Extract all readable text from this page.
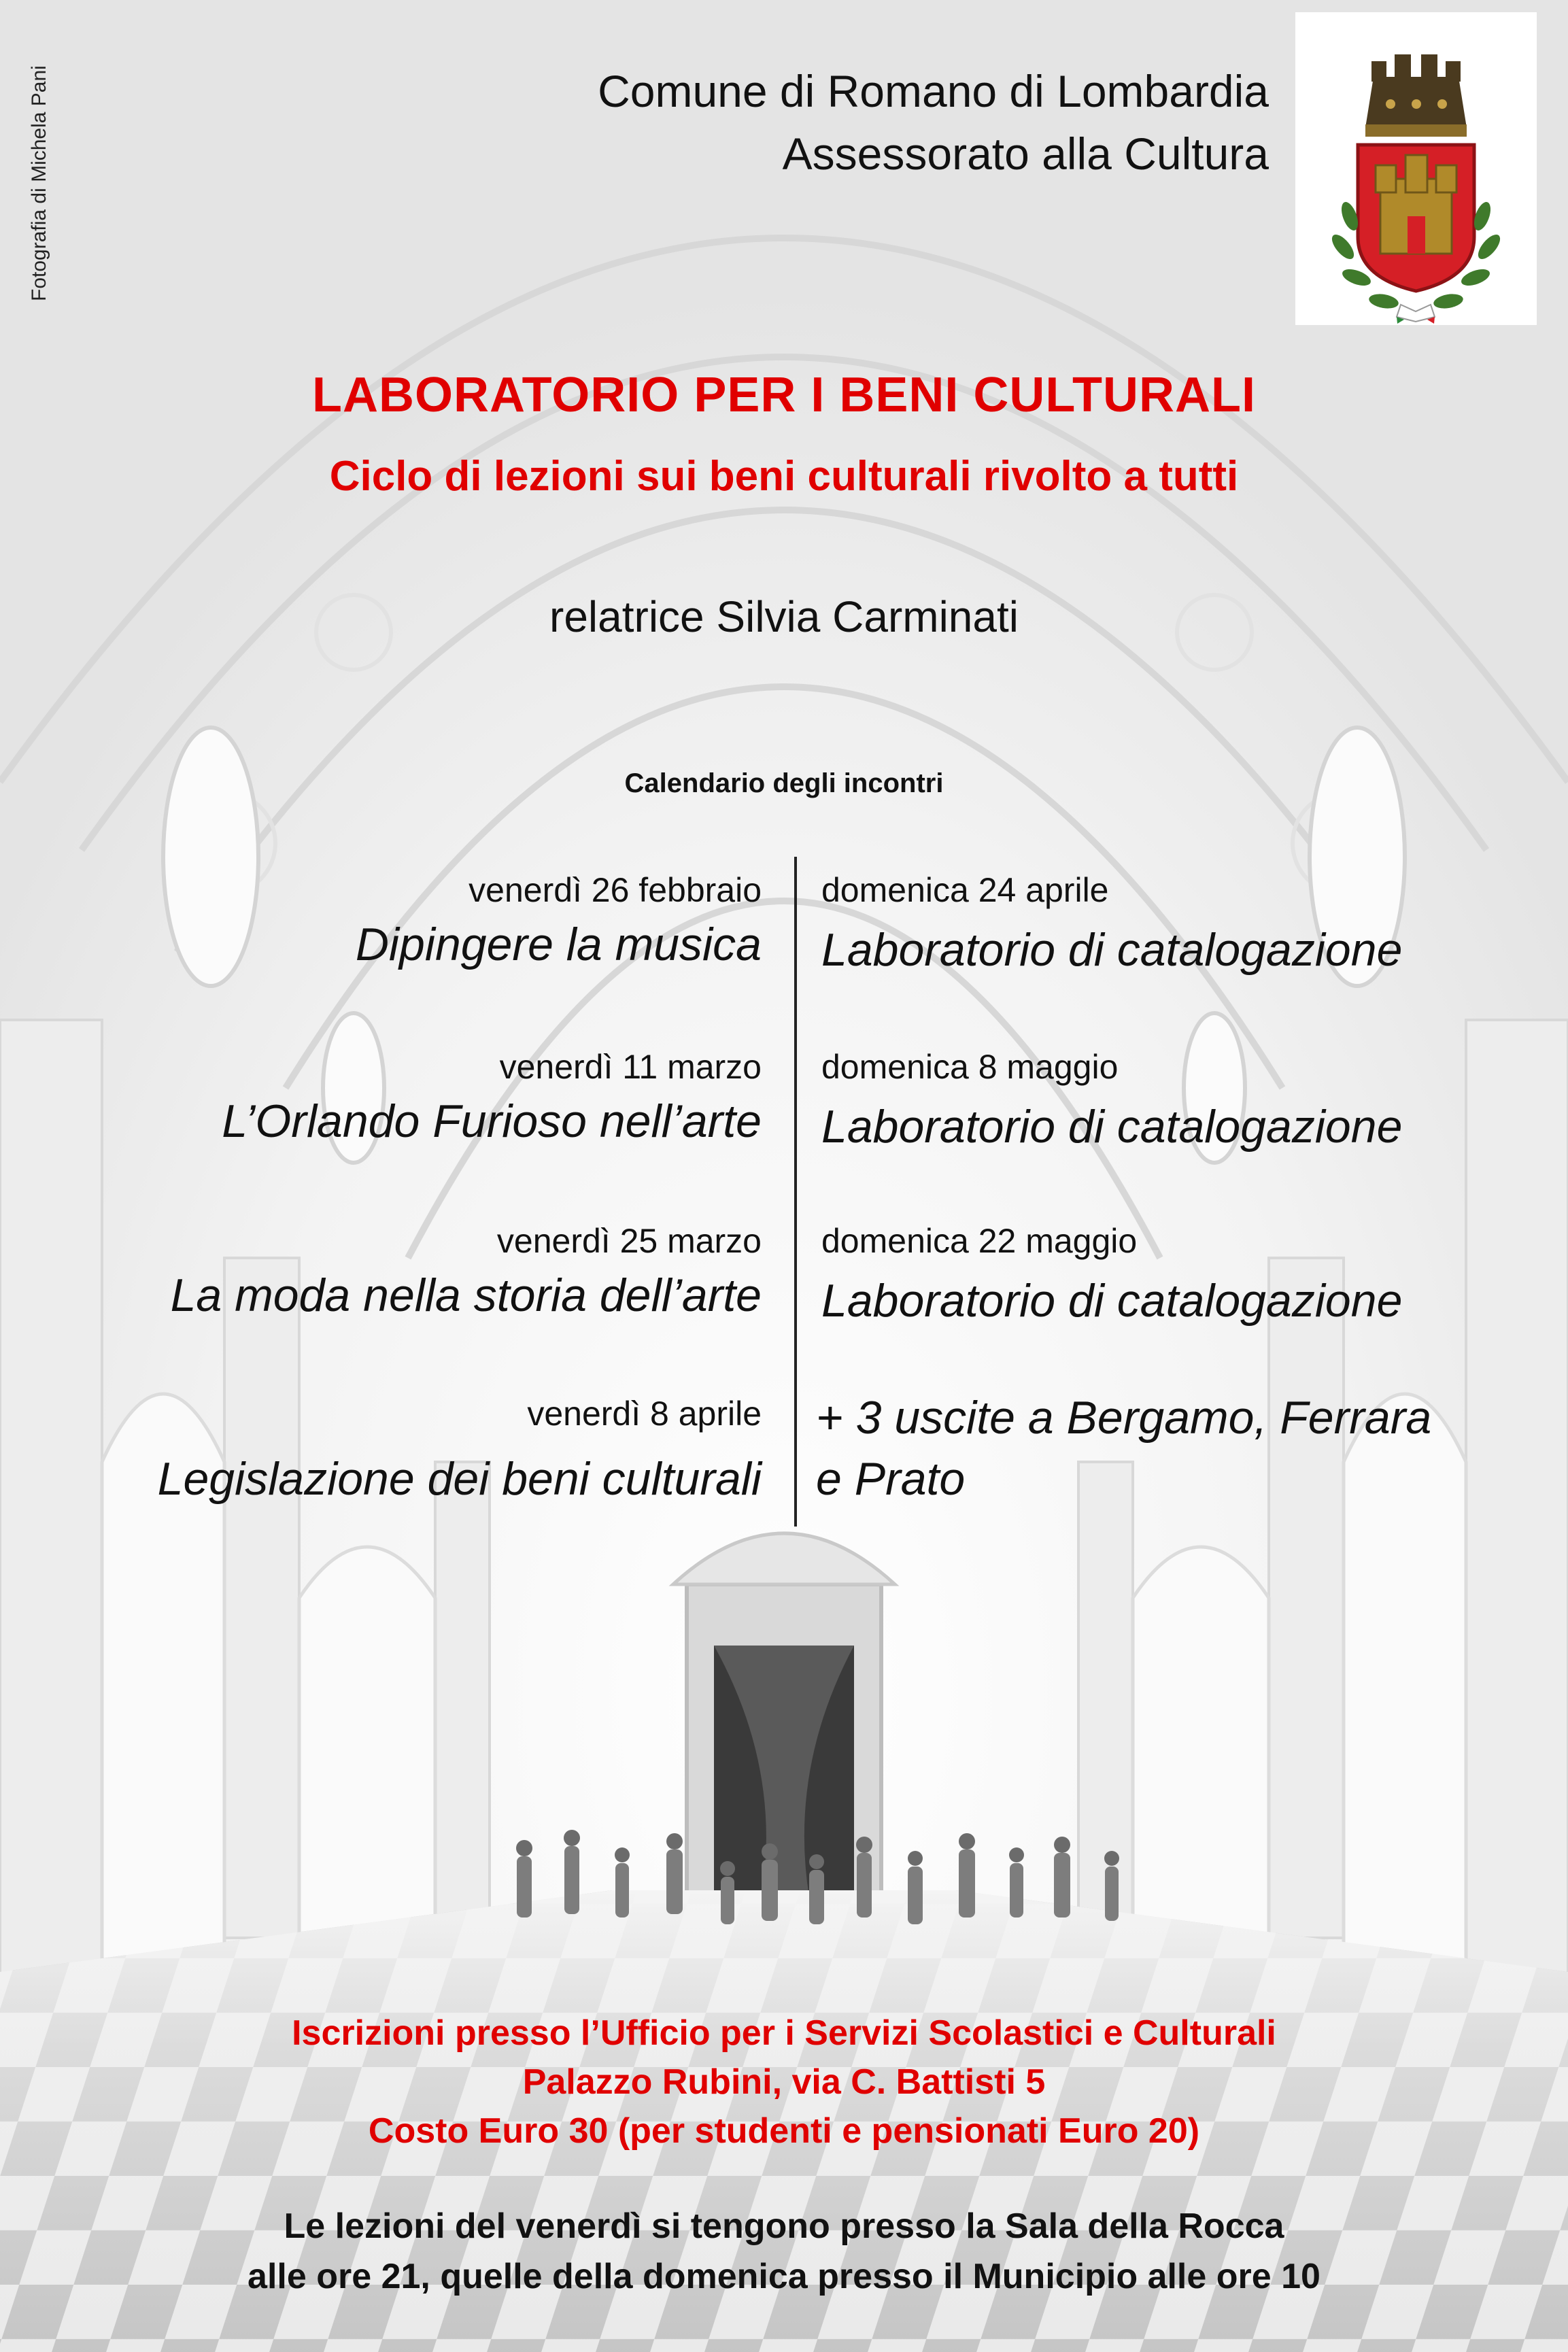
Fotografia di Michela Pani	Comune di Romano di Lombardia
Assessorato alla Cultura
LABORATORIO PER I BENI CULTURALI
Ciclo di lezioni sui beni culturali rivolto a tutti
relatrice Silvia Carminati
Calendario degli incontri
venerdì 26 febbraio
Dipingere la musica
venerdì 11 marzo
L’Orlando Furioso nell’arte
venerdì 25 marzo
La moda nella storia dell’arte
venerdì 8 aprile
Legislazione dei beni culturali
domenica 24 aprile
Laboratorio di catalogazione
domenica 8 maggio
Laboratorio di catalogazione
domenica 22 maggio
Laboratorio di catalogazione
+ 3 uscite a Bergamo, Ferrara
e Prato
Iscrizioni presso l’Ufficio per i Servizi Scolastici e Culturali
Palazzo Rubini, via C. Battisti 5
Costo Euro 30 (per studenti e pensionati Euro 20)
Le lezioni del venerdì si tengono presso la Sala della Rocca
alle ore 21, quelle della domenica presso il Municipio alle ore 10
